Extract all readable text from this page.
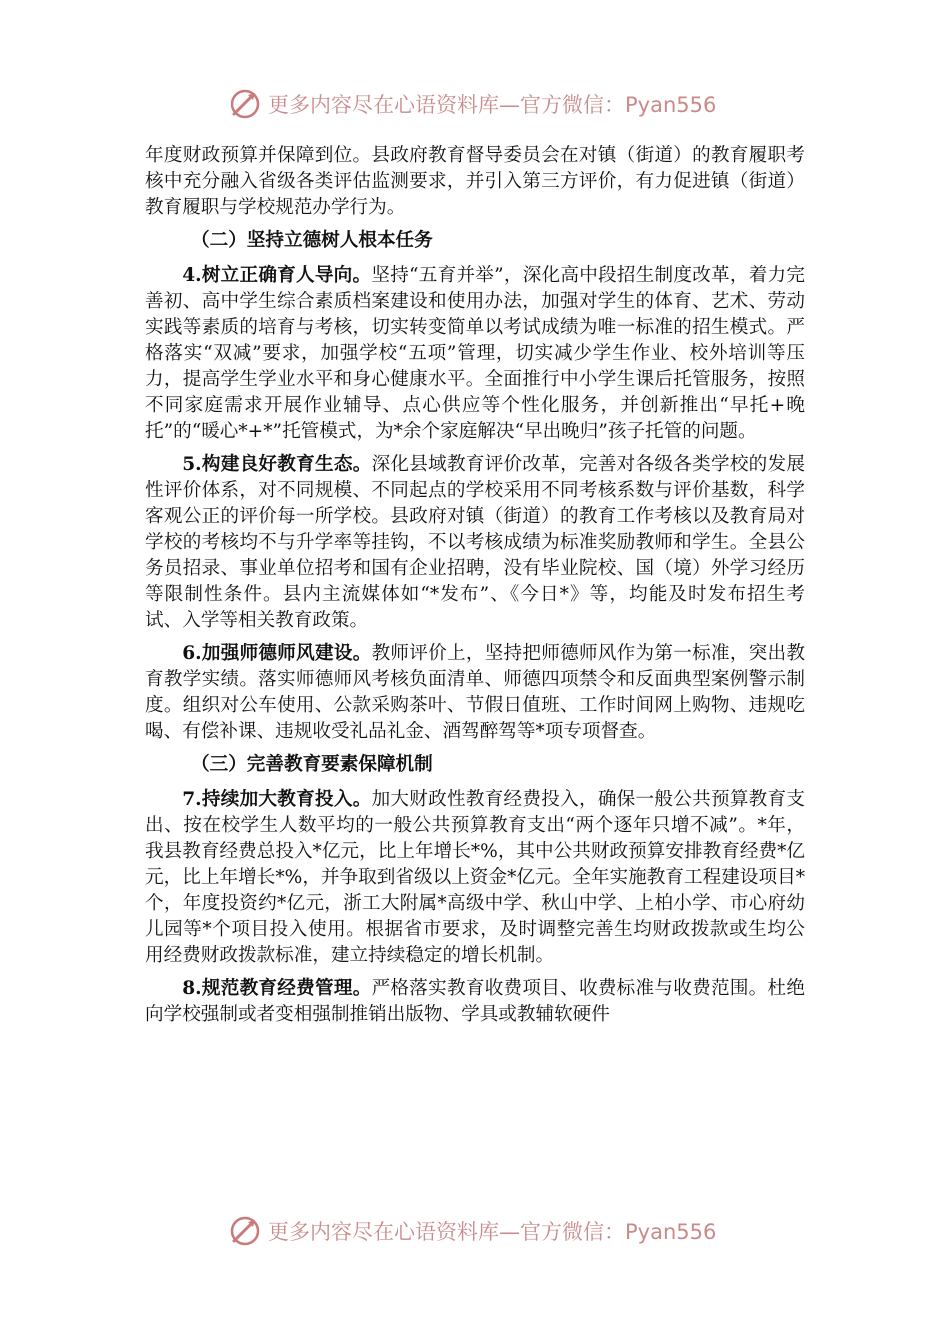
更多内容尽在心语资料库—官方微信：Pyan556

年度财政预算并保障到位。县政府教育督导委员会在对镇（街道）的教育履职考核中充分融入省级各类评估监测要求，并引入第三方评价，有力促进镇（街道）教育履职与学校规范办学行为。

（二）坚持立德树人根本任务

4.树立正确育人导向。坚持“五育并举”，深化高中段招生制度改革，着力完善初、高中学生综合素质档案建设和使用办法，加强对学生的体育、艺术、劳动实践等素质的培育与考核，切实转变简单以考试成绩为唯一标准的招生模式。严格落实“双减”要求，加强学校“五项”管理，切实减少学生作业、校外培训等压力，提高学生学业水平和身心健康水平。全面推行中小学生课后托管服务，按照不同家庭需求开展作业辅导、点心供应等个性化服务，并创新推出“早托+晚托”的“暖心*+*”托管模式，为*余个家庭解决“早出晚归”孩子托管的问题。

5.构建良好教育生态。深化县域教育评价改革，完善对各级各类学校的发展性评价体系，对不同规模、不同起点的学校采用不同考核系数与评价基数，科学客观公正的评价每一所学校。县政府对镇（街道）的教育工作考核以及教育局对学校的考核均不与升学率等挂钩，不以考核成绩为标准奖励教师和学生。全县公务员招录、事业单位招考和国有企业招聘，没有毕业院校、国（境）外学习经历等限制性条件。县内主流媒体如“*发布”、《今日*》等，均能及时发布招生考试、入学等相关教育政策。

6.加强师德师风建设。教师评价上，坚持把师德师风作为第一标准，突出教育教学实绩。落实师德师风考核负面清单、师德四项禁令和反面典型案例警示制度。组织对公车使用、公款采购茶叶、节假日值班、工作时间网上购物、违规吃喝、有偿补课、违规收受礼品礼金、酒驾醉驾等*项专项督查。

（三）完善教育要素保障机制

7.持续加大教育投入。加大财政性教育经费投入，确保一般公共预算教育支出、按在校学生人数平均的一般公共预算教育支出“两个逐年只增不减”。*年，我县教育经费总投入*亿元，比上年增长*%，其中公共财政预算安排教育经费*亿元，比上年增长*%，并争取到省级以上资金*亿元。全年实施教育工程建设项目*个，年度投资约*亿元，浙工大附属*高级中学、秋山中学、上柏小学、市心府幼儿园等*个项目投入使用。根据省市要求，及时调整完善生均财政拨款或生均公用经费财政拨款标准，建立持续稳定的增长机制。

8.规范教育经费管理。严格落实教育收费项目、收费标准与收费范围。杜绝向学校强制或者变相强制推销出版物、学具或教辅软硬件

更多内容尽在心语资料库—官方微信：Pyan556
